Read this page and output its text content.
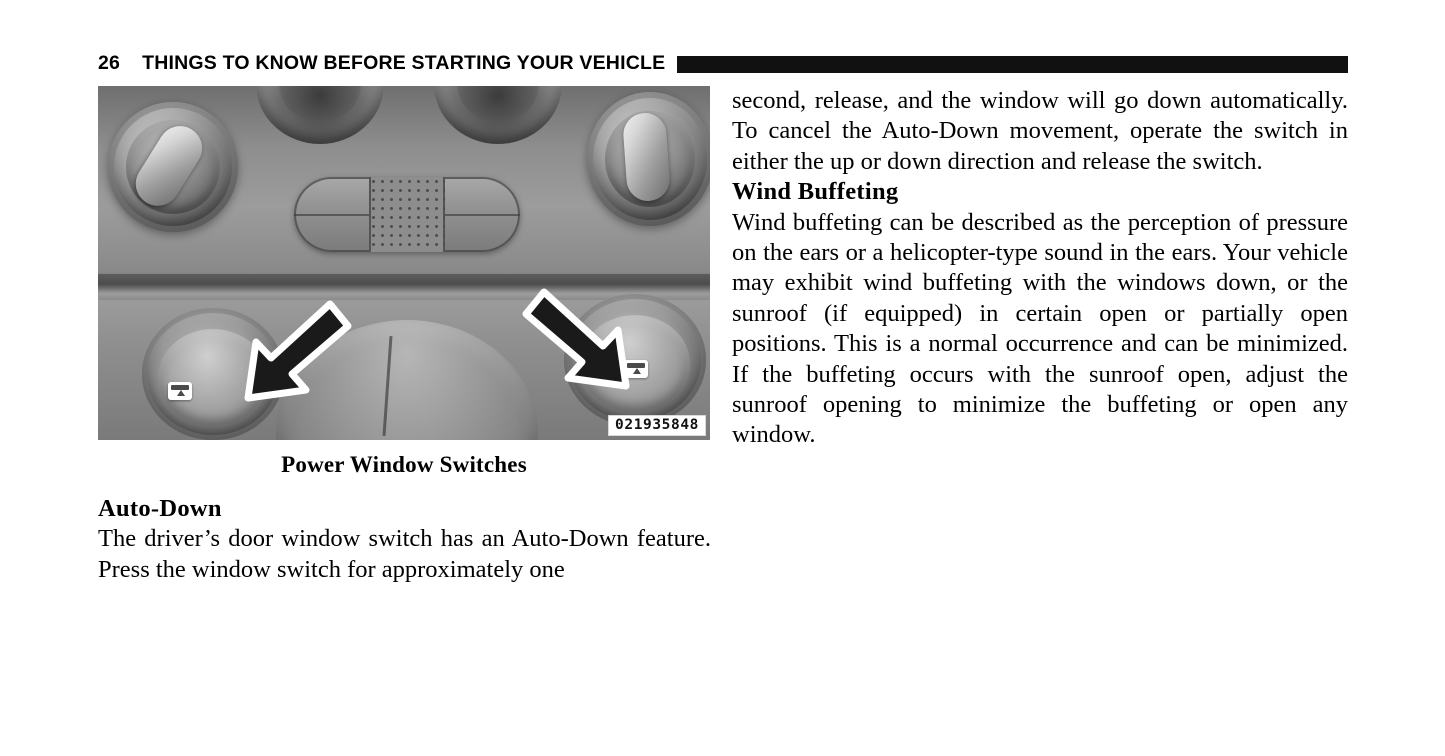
26 THINGS TO KNOW BEFORE STARTING YOUR VEHICLE
021935848
Power Window Switches
Auto-Down

The driver’s door window switch has an Auto-Down feature. Press the window switch for approximately one

second, release, and the window will go down automatically. To cancel the Auto-Down movement, operate the switch in either the up or down direction and release the switch.

Wind Buffeting

Wind buffeting can be described as the perception of pressure on the ears or a helicopter-type sound in the ears. Your vehicle may exhibit wind buffeting with the windows down, or the sunroof (if equipped) in certain open or partially open positions. This is a normal occurrence and can be minimized. If the buffeting occurs with the sunroof open, adjust the sunroof opening to minimize the buffeting or open any window.
